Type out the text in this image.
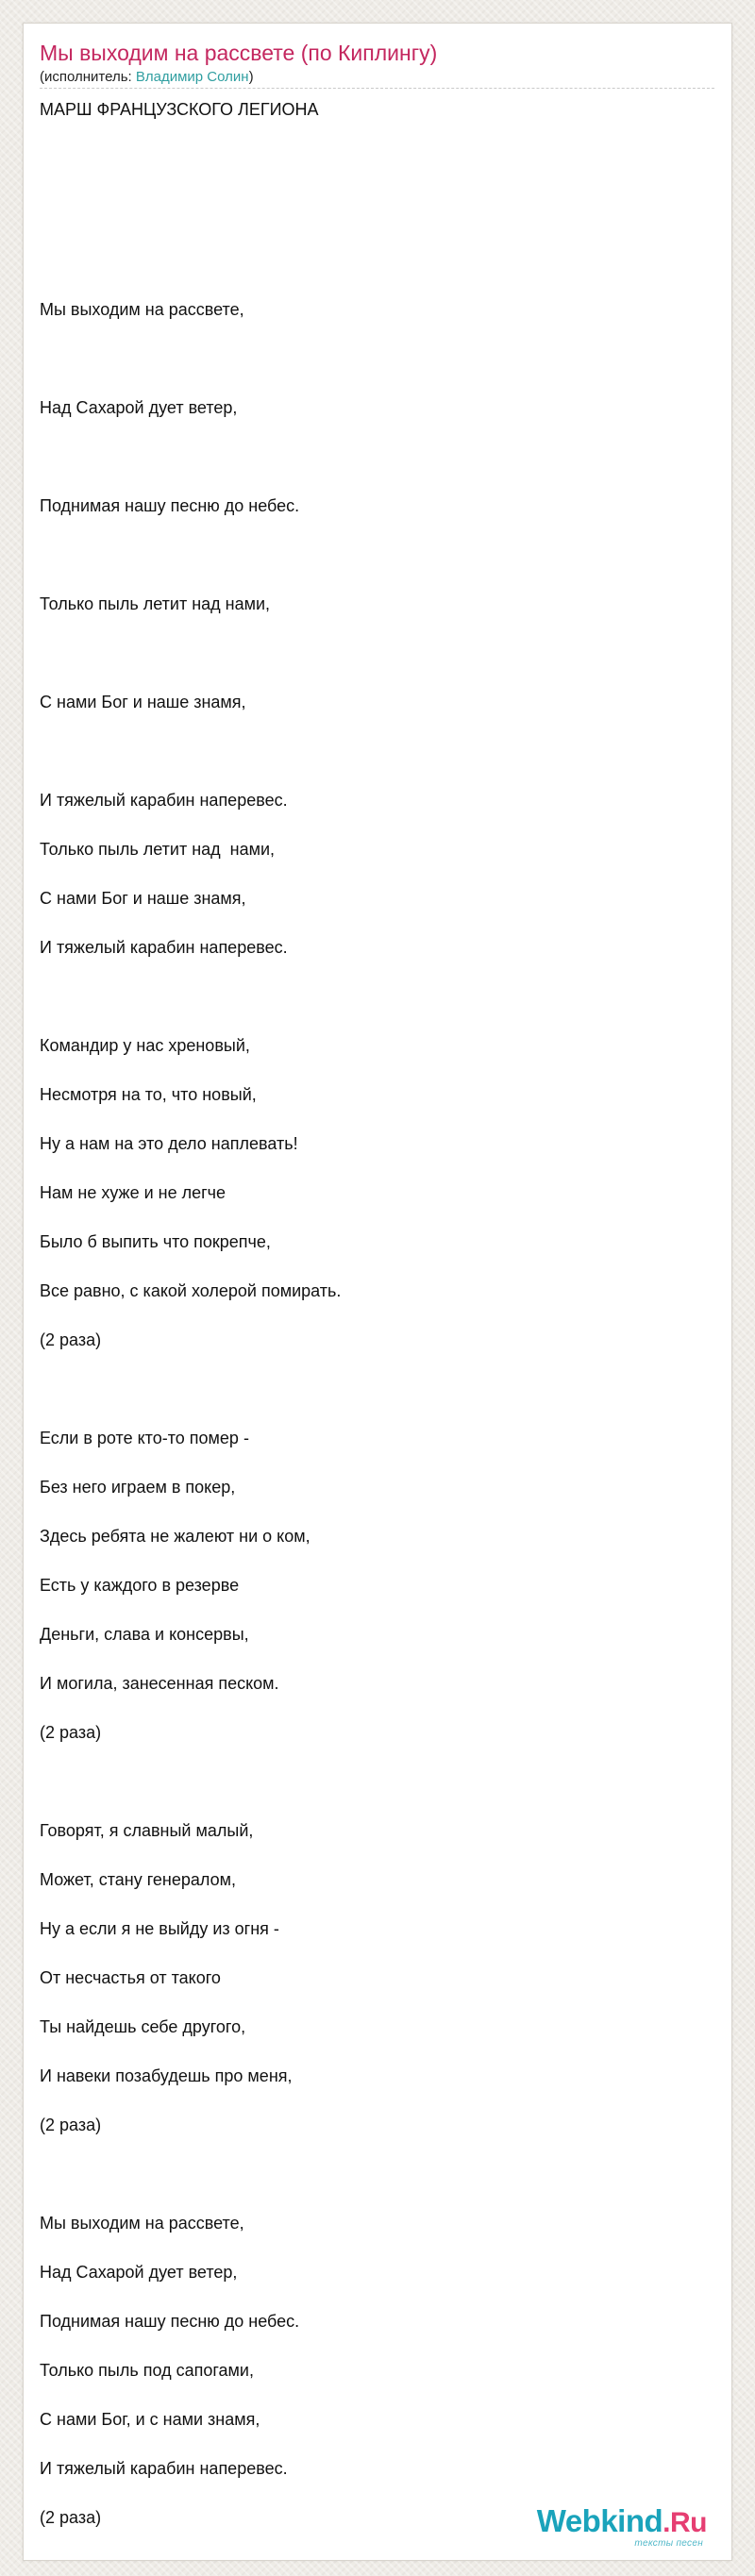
Мы выходим на рассвете (по Киплингу)
(исполнитель: Владимир Солин)
МАРШ ФРАНЦУЗСКОГО ЛЕГИОНА
Мы выходим на рассвете,
Над Сахарой дует ветер,
Поднимая нашу песню до небес.
Только пыль летит над нами,
С нами Бог и наше знамя,
И тяжелый карабин наперевес.
Только пыль летит над  нами,
С нами Бог и наше знамя,
И тяжелый карабин наперевес.
Командир у нас хреновый,
Несмотря на то, что новый,
Ну а нам на это дело наплевать!
Нам не хуже и не легче
Было б выпить что покрепче,
Все равно, с какой холерой помирать.
(2 раза)
Если в роте кто-то помер -
Без него играем в покер,
Здесь ребята не жалеют ни о ком,
Есть у каждого в резерве
Деньги, слава и консервы,
И могила, занесенная песком.
(2 раза)
Говорят, я славный малый,
Может, стану генералом,
Ну а если я не выйду из огня -
От несчастья от такого
Ты найдешь себе другого,
И навеки позабудешь про меня,
(2 раза)
Мы выходим на рассвете,
Над Сахарой дует ветер,
Поднимая нашу песню до небес.
Только пыль под сапогами,
С нами Бог, и с нами знамя,
И тяжелый карабин наперевес.
(2 раза)	Webkind.Ru
тексты песен
